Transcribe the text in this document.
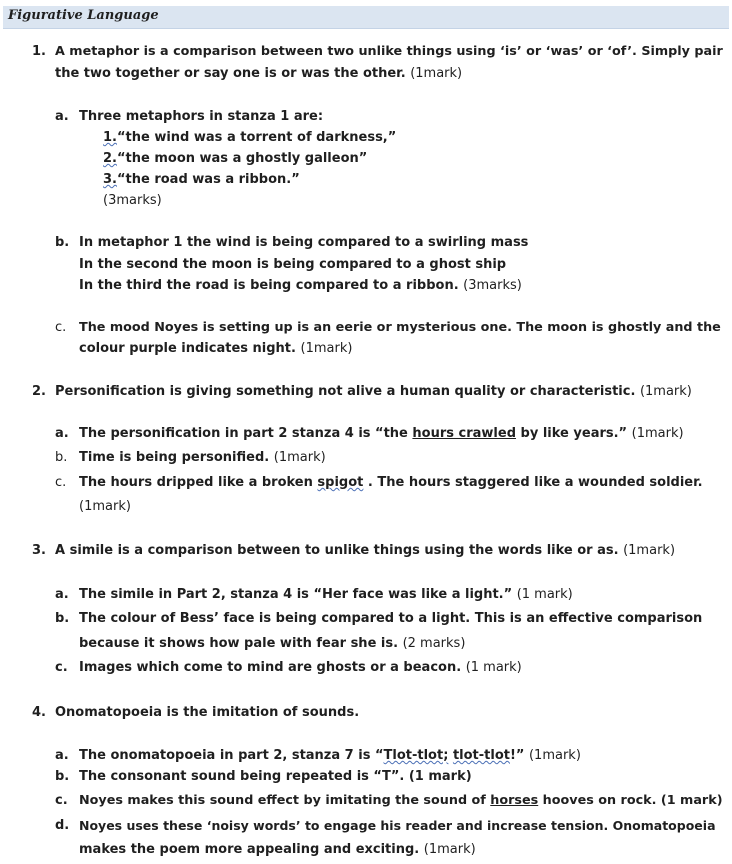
Figurative Language
1. A metaphor is a comparison between two unlike things using ‘is’ or ‘was’ or ‘of’. Simply pair
the two together or say one is or was the other. (1mark)
a. Three metaphors in stanza 1 are:
1.“the wind was a torrent of darkness,”
2.“the moon was a ghostly galleon”
3.“the road was a ribbon.”
(3marks)
b. In metaphor 1 the wind is being compared to a swirling mass
In the second the moon is being compared to a ghost ship
In the third the road is being compared to a ribbon. (3marks)
c. The mood Noyes is setting up is an eerie or mysterious one. The moon is ghostly and the
colour purple indicates night. (1mark)
2. Personification is giving something not alive a human quality or characteristic. (1mark)
a. The personification in part 2 stanza 4 is “the hours crawled by like years.” (1mark)
b. Time is being personified. (1mark)
c. The hours dripped like a broken spigot . The hours staggered like a wounded soldier.
(1mark)
3. A simile is a comparison between to unlike things using the words like or as. (1mark)
a. The simile in Part 2, stanza 4 is “Her face was like a light.” (1 mark)
b. The colour of Bess’ face is being compared to a light. This is an effective comparison
because it shows how pale with fear she is. (2 marks)
c. Images which come to mind are ghosts or a beacon. (1 mark)
4. Onomatopoeia is the imitation of sounds.
a. The onomatopoeia in part 2, stanza 7 is “Tlot-tlot; tlot-tlot!” (1mark)
b. The consonant sound being repeated is “T”. (1 mark)
c. Noyes makes this sound effect by imitating the sound of horses hooves on rock. (1 mark)
d. Noyes uses these ‘noisy words’ to engage his reader and increase tension. Onomatopoeia
makes the poem more appealing and exciting. (1mark)
